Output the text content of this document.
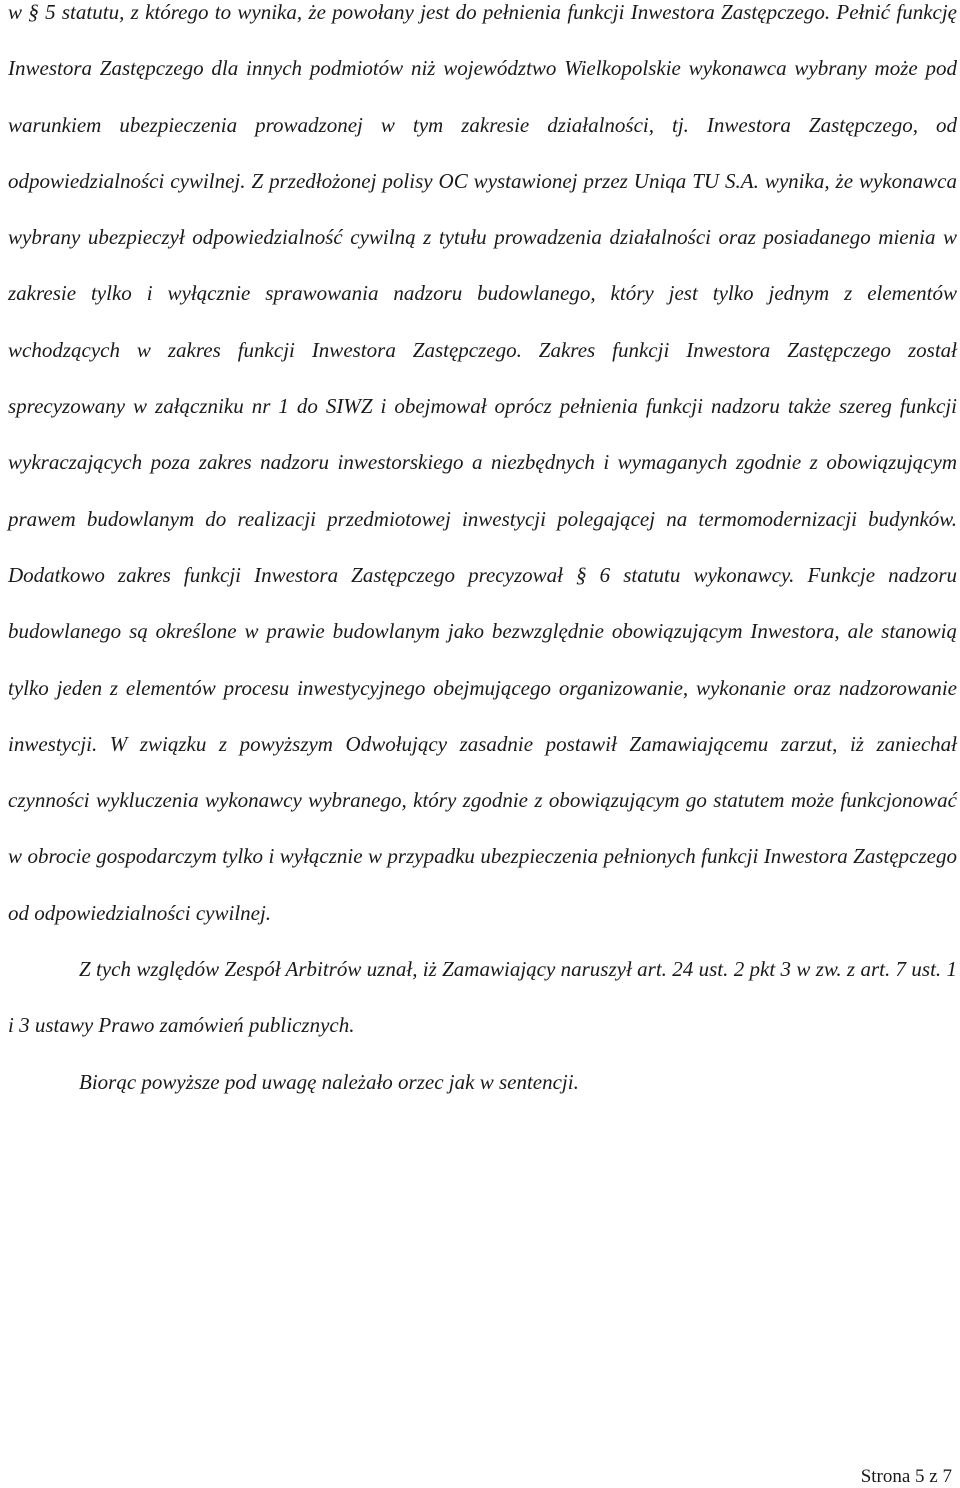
w § 5 statutu, z którego to wynika, że powołany jest do pełnienia funkcji Inwestora Zastępczego. Pełnić funkcję Inwestora Zastępczego dla innych podmiotów niż województwo Wielkopolskie wykonawca wybrany może pod warunkiem ubezpieczenia prowadzonej w tym zakresie działalności, tj. Inwestora Zastępczego, od odpowiedzialności cywilnej. Z przedłożonej polisy OC wystawionej przez Uniqa TU S.A. wynika, że wykonawca wybrany ubezpieczył odpowiedzialność cywilną z tytułu prowadzenia działalności oraz posiadanego mienia w zakresie tylko i wyłącznie sprawowania nadzoru budowlanego, który jest tylko jednym z elementów wchodzących w zakres funkcji Inwestora Zastępczego. Zakres funkcji Inwestora Zastępczego został sprecyzowany w załączniku nr 1 do SIWZ i obejmował oprócz pełnienia funkcji nadzoru także szereg funkcji wykraczających poza zakres nadzoru inwestorskiego a niezbędnych i wymaganych zgodnie z obowiązującym prawem budowlanym do realizacji przedmiotowej inwestycji polegającej na termomodernizacji budynków. Dodatkowo zakres funkcji Inwestora Zastępczego precyzował § 6 statutu wykonawcy. Funkcje nadzoru budowlanego są określone w prawie budowlanym jako bezwzględnie obowiązującym Inwestora, ale stanowią tylko jeden z elementów procesu inwestycyjnego obejmującego organizowanie, wykonanie oraz nadzorowanie inwestycji. W związku z powyższym Odwołujący zasadnie postawił Zamawiającemu zarzut, iż zaniechał czynności wykluczenia wykonawcy wybranego, który zgodnie z obowiązującym go statutem może funkcjonować w obrocie gospodarczym tylko i wyłącznie w przypadku ubezpieczenia pełnionych funkcji Inwestora Zastępczego od odpowiedzialności cywilnej.

Z tych względów Zespół Arbitrów uznał, iż Zamawiający naruszył art. 24 ust. 2 pkt 3 w zw. z art. 7 ust. 1 i 3 ustawy Prawo zamówień publicznych.

Biorąc powyższe pod uwagę należało orzec jak w sentencji.

Strona 5 z 7
